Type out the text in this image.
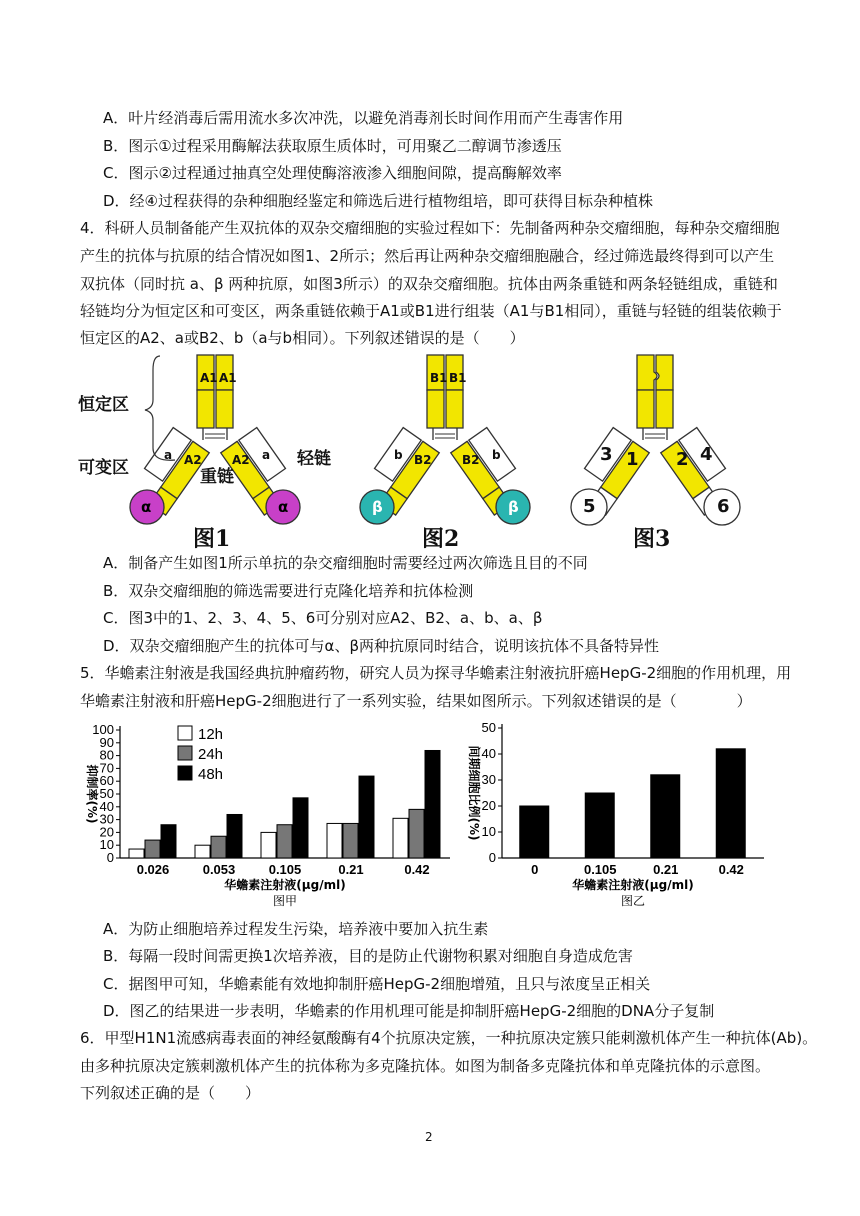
A．叶片经消毒后需用流水多次冲洗，以避免消毒剂长时间作用而产生毒害作用
B．图示①过程采用酶解法获取原生质体时，可用聚乙二醇调节渗透压
C．图示②过程通过抽真空处理使酶溶液渗入细胞间隙，提高酶解效率
D．经④过程获得的杂种细胞经鉴定和筛选后进行植物组培，即可获得目标杂种植株
4．科研人员制备能产生双抗体的双杂交瘤细胞的实验过程如下：先制备两种杂交瘤细胞，每种杂交瘤细胞
产生的抗体与抗原的结合情况如图1、2所示；然后再让两种杂交瘤细胞融合，经过筛选最终得到可以产生
双抗体（同时抗 a、β 两种抗原，如图3所示）的双杂交瘤细胞。抗体由两条重链和两条轻链组成，重链和
轻链均分为恒定区和可变区，两条重链依赖于A1或B1进行组装（A1与B1相同），重链与轻链的组装依赖于
恒定区的A2、a或B2、b（a与b相同）。下列叙述错误的是（　　）
恒定区
可变区	轻链
重链
A1 A1
A2	A2
a	a
α	α
B1 B1
B2	B2
b	b
β	β
1 2
3	4
5	6
图1	图2	图3
A．制备产生如图1所示单抗的杂交瘤细胞时需要经过两次筛选且目的不同
B．双杂交瘤细胞的筛选需要进行克隆化培养和抗体检测
C．图3中的1、2、3、4、5、6可分别对应A2、B2、a、b、a、β
D．双杂交瘤细胞产生的抗体可与α、β两种抗原同时结合，说明该抗体不具备特异性
5．华蟾素注射液是我国经典抗肿瘤药物，研究人员为探寻华蟾素注射液抗肝癌HepG-2细胞的作用机理，用
华蟾素注射液和肝癌HepG-2细胞进行了一系列实验，结果如图所示。下列叙述错误的是（　　　　）
0
10
20
30
40
50
60
70
80
90
100
0.026	0.053	0.105	0.21	0.42
华蟾素注射液(μg/ml)
图甲
抑制率(%)
12h
24h
48h
0
10
20
30
40
50
0	0.105	0.21	0.42
华蟾素注射液(μg/ml)
图乙
间期细胞比例(%)
A．为防止细胞培养过程发生污染，培养液中要加入抗生素
B．每隔一段时间需更换1次培养液，目的是防止代谢物积累对细胞自身造成危害
C．据图甲可知，华蟾素能有效地抑制肝癌HepG-2细胞增殖，且只与浓度呈正相关
D．图乙的结果进一步表明，华蟾素的作用机理可能是抑制肝癌HepG-2细胞的DNA分子复制
6．甲型H1N1流感病毒表面的神经氨酸酶有4个抗原决定簇，一种抗原决定簇只能刺激机体产生一种抗体(Ab)。
由多种抗原决定簇刺激机体产生的抗体称为多克隆抗体。如图为制备多克隆抗体和单克隆抗体的示意图。
下列叙述正确的是（　　）
2
